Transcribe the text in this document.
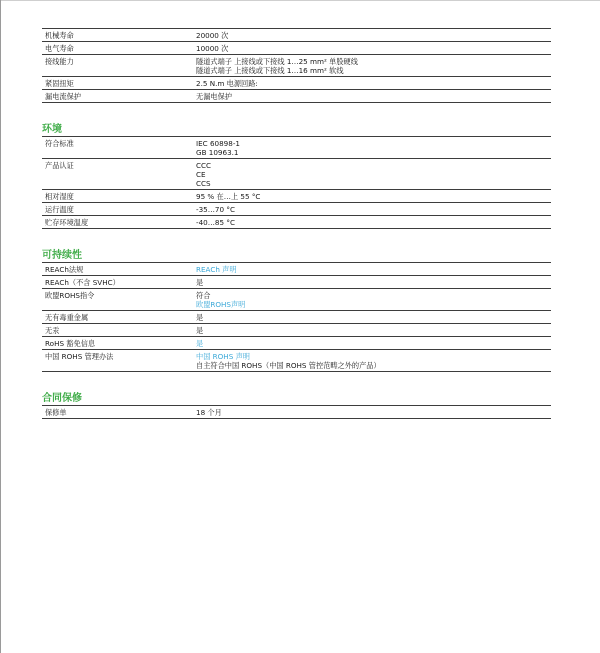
机械寿命	20000 次
电气寿命	10000 次
接线能力	隧道式端子 上接线或下接线 1…25 mm² 单股硬线
隧道式端子 上接线或下接线 1…16 mm² 软线
紧固扭矩	2.5 N.m 电源回路:
漏电流保护	无漏电保护
环境
符合标准	IEC 60898-1
GB 10963.1
产品认证	CCC
CE
CCS
相对湿度	95 % 在…上 55 °C
运行温度	-35…70 °C
贮存环境温度	-40…85 °C
可持续性
REACh法规	REACh 声明
REACh（不含 SVHC）	是
欧盟ROHS指令	符合
欧盟ROHS声明
无有毒重金属	是
无汞	是
RoHS 豁免信息	是
中国 ROHS 管理办法	中国 ROHS 声明
自主符合中国 ROHS（中国 ROHS 管控范畴之外的产品）
合同保修
保修单	18 个月
